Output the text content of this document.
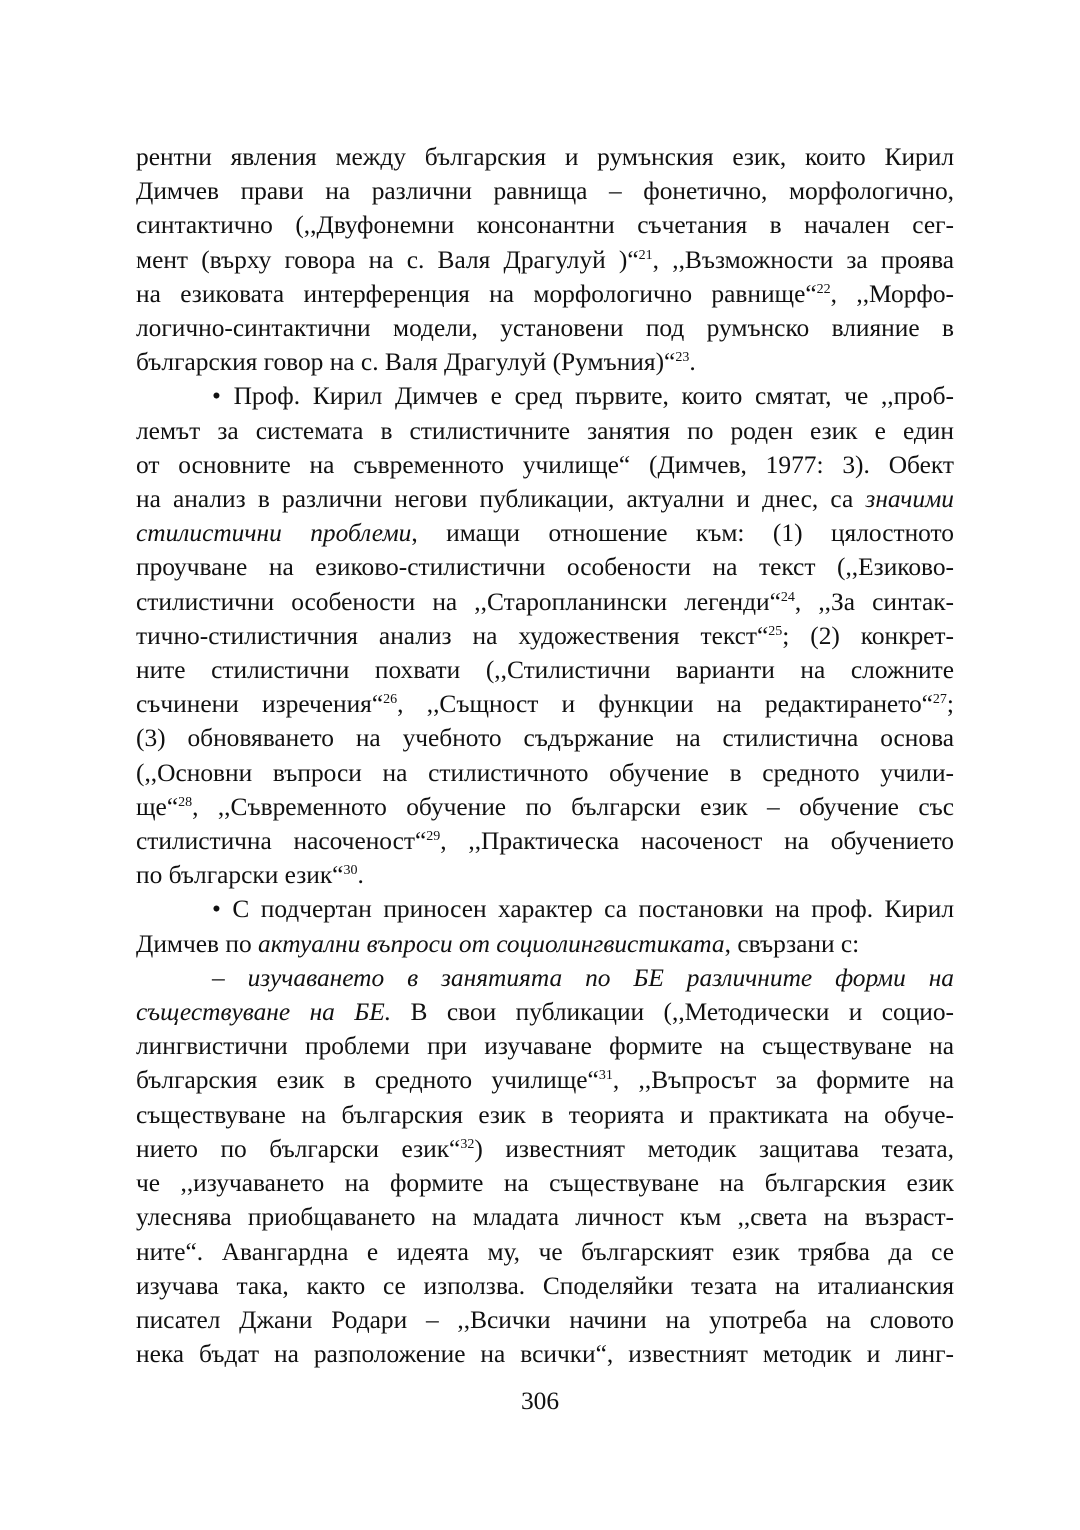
рентни явления между българския и румънския език, които Кирил
Димчев прави на различни равнища – фонетично, морфологично,
синтактично (,,Двуфонемни консонантни съчетания в начален сег-
мент (върху говора на с. Валя Драгулуй )“$^{21}$, ,,Възможности за проява
на езиковата интерференция на морфологично равнище“$^{22}$, ,,Морфо-
логично-синтактични модели, установени под румънско влияние в
българския говор на с. Валя Драгулуй (Румъния)“$^{23}$.
• Проф. Кирил Димчев е сред първите, които смятат, че ,,проб-
лемът за системата в стилистичните занятия по роден език е един
от основните на съвременното училище“ (Димчев, 1977: 3). Обект
на анализ в различни негови публикации, актуални и днес, са значими
стилистични проблеми, имащи отношение към: (1) цялостното
проучване на езиково-стилистични особености на текст (,,Езиково-
стилистични особености на ,,Старопланински легенди“$^{24}$, ,,За синтак-
тично-стилистичния анализ на художествения текст“$^{25}$; (2) конкрет-
ните стилистични похвати (,,Стилистични варианти на сложните
съчинени изречения“$^{26}$, ,,Същност и функции на редактирането“$^{27}$;
(3) обновяването на учебното съдържание на стилистична основа
(,,Основни въпроси на стилистичното обучение в средното учили-
ще“$^{28}$, ,,Съвременното обучение по български език – обучение със
стилистична насоченост“$^{29}$, ,,Практическа насоченост на обучението
по български език“$^{30}$.
• С подчертан приносен характер са постановки на проф. Кирил
Димчев по актуални въпроси от социолингвистиката, свързани с:
– изучаването в занятията по БЕ различните форми на
съществуване на БЕ. В свои публикации (,,Методически и социо-
лингвистични проблеми при изучаване формите на съществуване на
българския език в средното училище“$^{31}$, ,,Въпросът за формите на
съществуване на българския език в теорията и практиката на обуче-
нието по български език“$^{32}$) известният методик защитава тезата,
че ,,изучаването на формите на съществуване на българския език
улеснява приобщаването на младата личност към ,,света на възраст-
ните“. Авангардна е идеята му, че българският език трябва да се
изучава така, както се използва. Споделяйки тезата на италианския
писател Джани Родари – ,,Всички начини на употреба на словото
нека бъдат на разположение на всички“, известният методик и линг-
306
